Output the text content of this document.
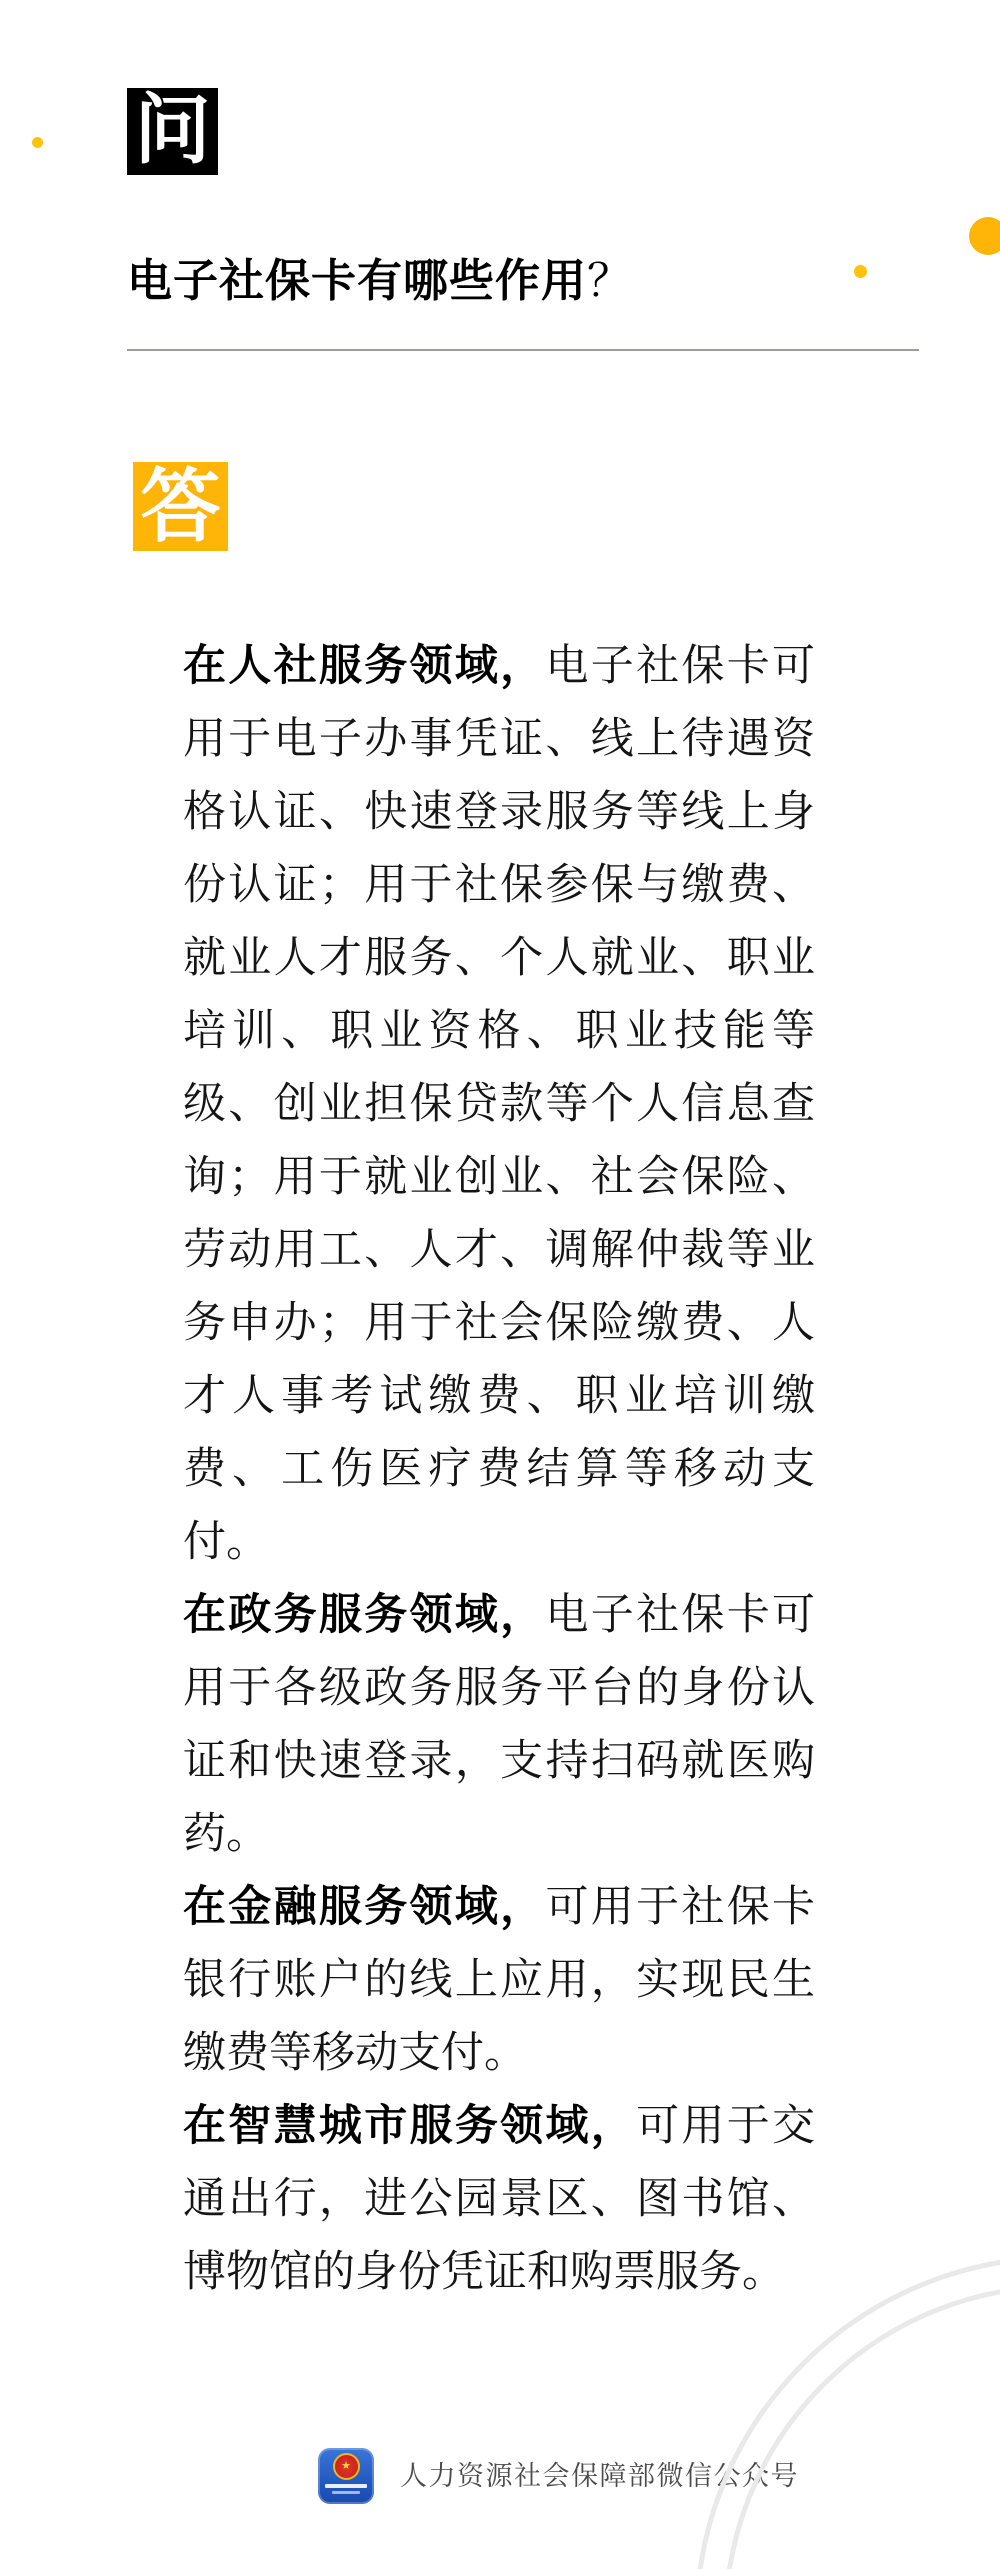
问
电子社保卡有哪些作用？
答

在人社服务领域，电子社保卡可用于电子办事凭证、线上待遇资格认证、快速登录服务等线上身份认证；用于社保参保与缴费、就业人才服务、个人就业、职业培训、职业资格、职业技能等级、创业担保贷款等个人信息查询；用于就业创业、社会保险、劳动用工、人才、调解仲裁等业务申办；用于社会保险缴费、人才人事考试缴费、职业培训缴费、工伤医疗费结算等移动支付。

在政务服务领域，电子社保卡可用于各级政务服务平台的身份认证和快速登录，支持扫码就医购药。

在金融服务领域，可用于社保卡银行账户的线上应用，实现民生缴费等移动支付。

在智慧城市服务领域，可用于交通出行，进公园景区、图书馆、博物馆的身份凭证和购票服务。

★	人力资源社会保障部微信公众号
